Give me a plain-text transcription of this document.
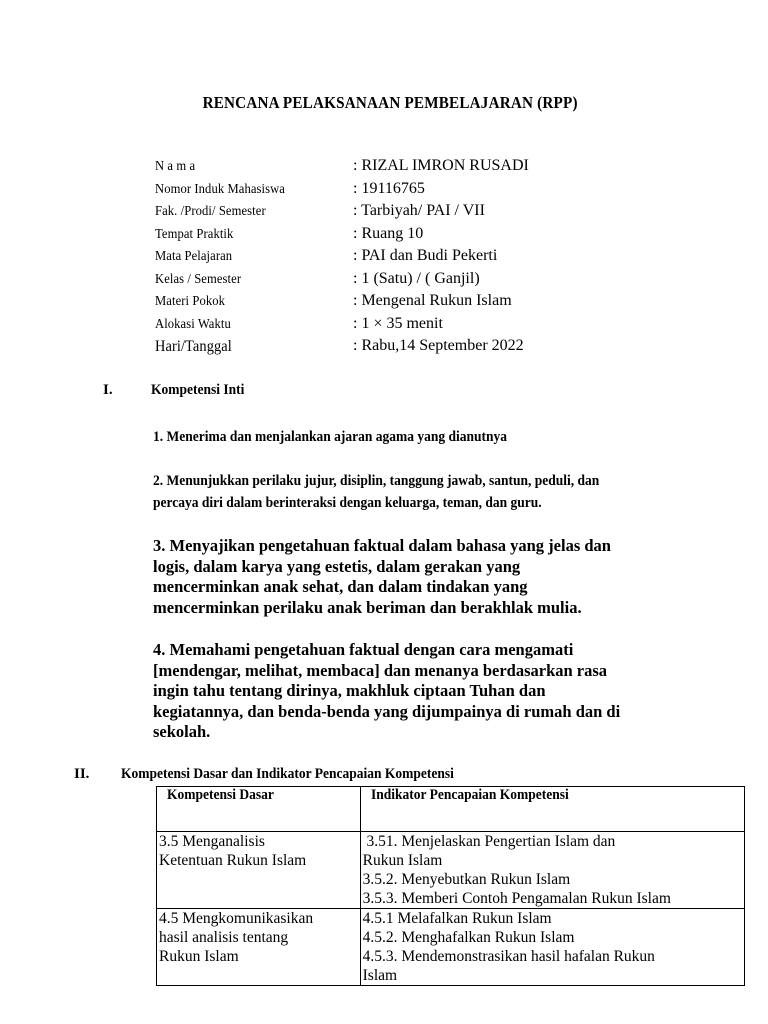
RENCANA PELAKSANAAN PEMBELAJARAN (RPP)
N a m a	: RIZAL IMRON RUSADI
Nomor Induk Mahasiswa	: 19116765
Fak. /Prodi/ Semester	: Tarbiyah/ PAI / VII
Tempat Praktik	: Ruang 10
Mata Pelajaran	: PAI dan Budi Pekerti
Kelas / Semester	: 1 (Satu) / ( Ganjil)
Materi Pokok	: Mengenal Rukun Islam
Alokasi Waktu	: 1 × 35 menit
Hari/Tanggal	: Rabu,14 September 2022
I.	Kompetensi Inti
1. Menerima dan menjalankan ajaran agama yang dianutnya
2. Menunjukkan perilaku jujur, disiplin, tanggung jawab, santun, peduli, dan
percaya diri dalam berinteraksi dengan keluarga, teman, dan guru.
3. Menyajikan pengetahuan faktual dalam bahasa yang jelas dan
logis, dalam karya yang estetis, dalam gerakan yang
mencerminkan anak sehat, dan dalam tindakan yang
mencerminkan perilaku anak beriman dan berakhlak mulia.
4. Memahami pengetahuan faktual dengan cara mengamati
[mendengar, melihat, membaca] dan menanya berdasarkan rasa
ingin tahu tentang dirinya, makhluk ciptaan Tuhan dan
kegiatannya, dan benda-benda yang dijumpainya di rumah dan di
sekolah.
II. Kompetensi Dasar dan Indikator Pencapaian Kompetensi
Kompetensi Dasar	Indikator Pencapaian Kompetensi

3.5 Menganalisis
Ketentuan Rukun Islam	3.51. Menjelaskan Pengertian Islam dan
Rukun Islam
3.5.2. Menyebutkan Rukun Islam
3.5.3. Memberi Contoh Pengamalan Rukun Islam

4.5 Mengkomunikasikan
hasil analisis tentang
Rukun Islam	4.5.1 Melafalkan Rukun Islam
4.5.2. Menghafalkan Rukun Islam
4.5.3. Mendemonstrasikan hasil hafalan Rukun
Islam
